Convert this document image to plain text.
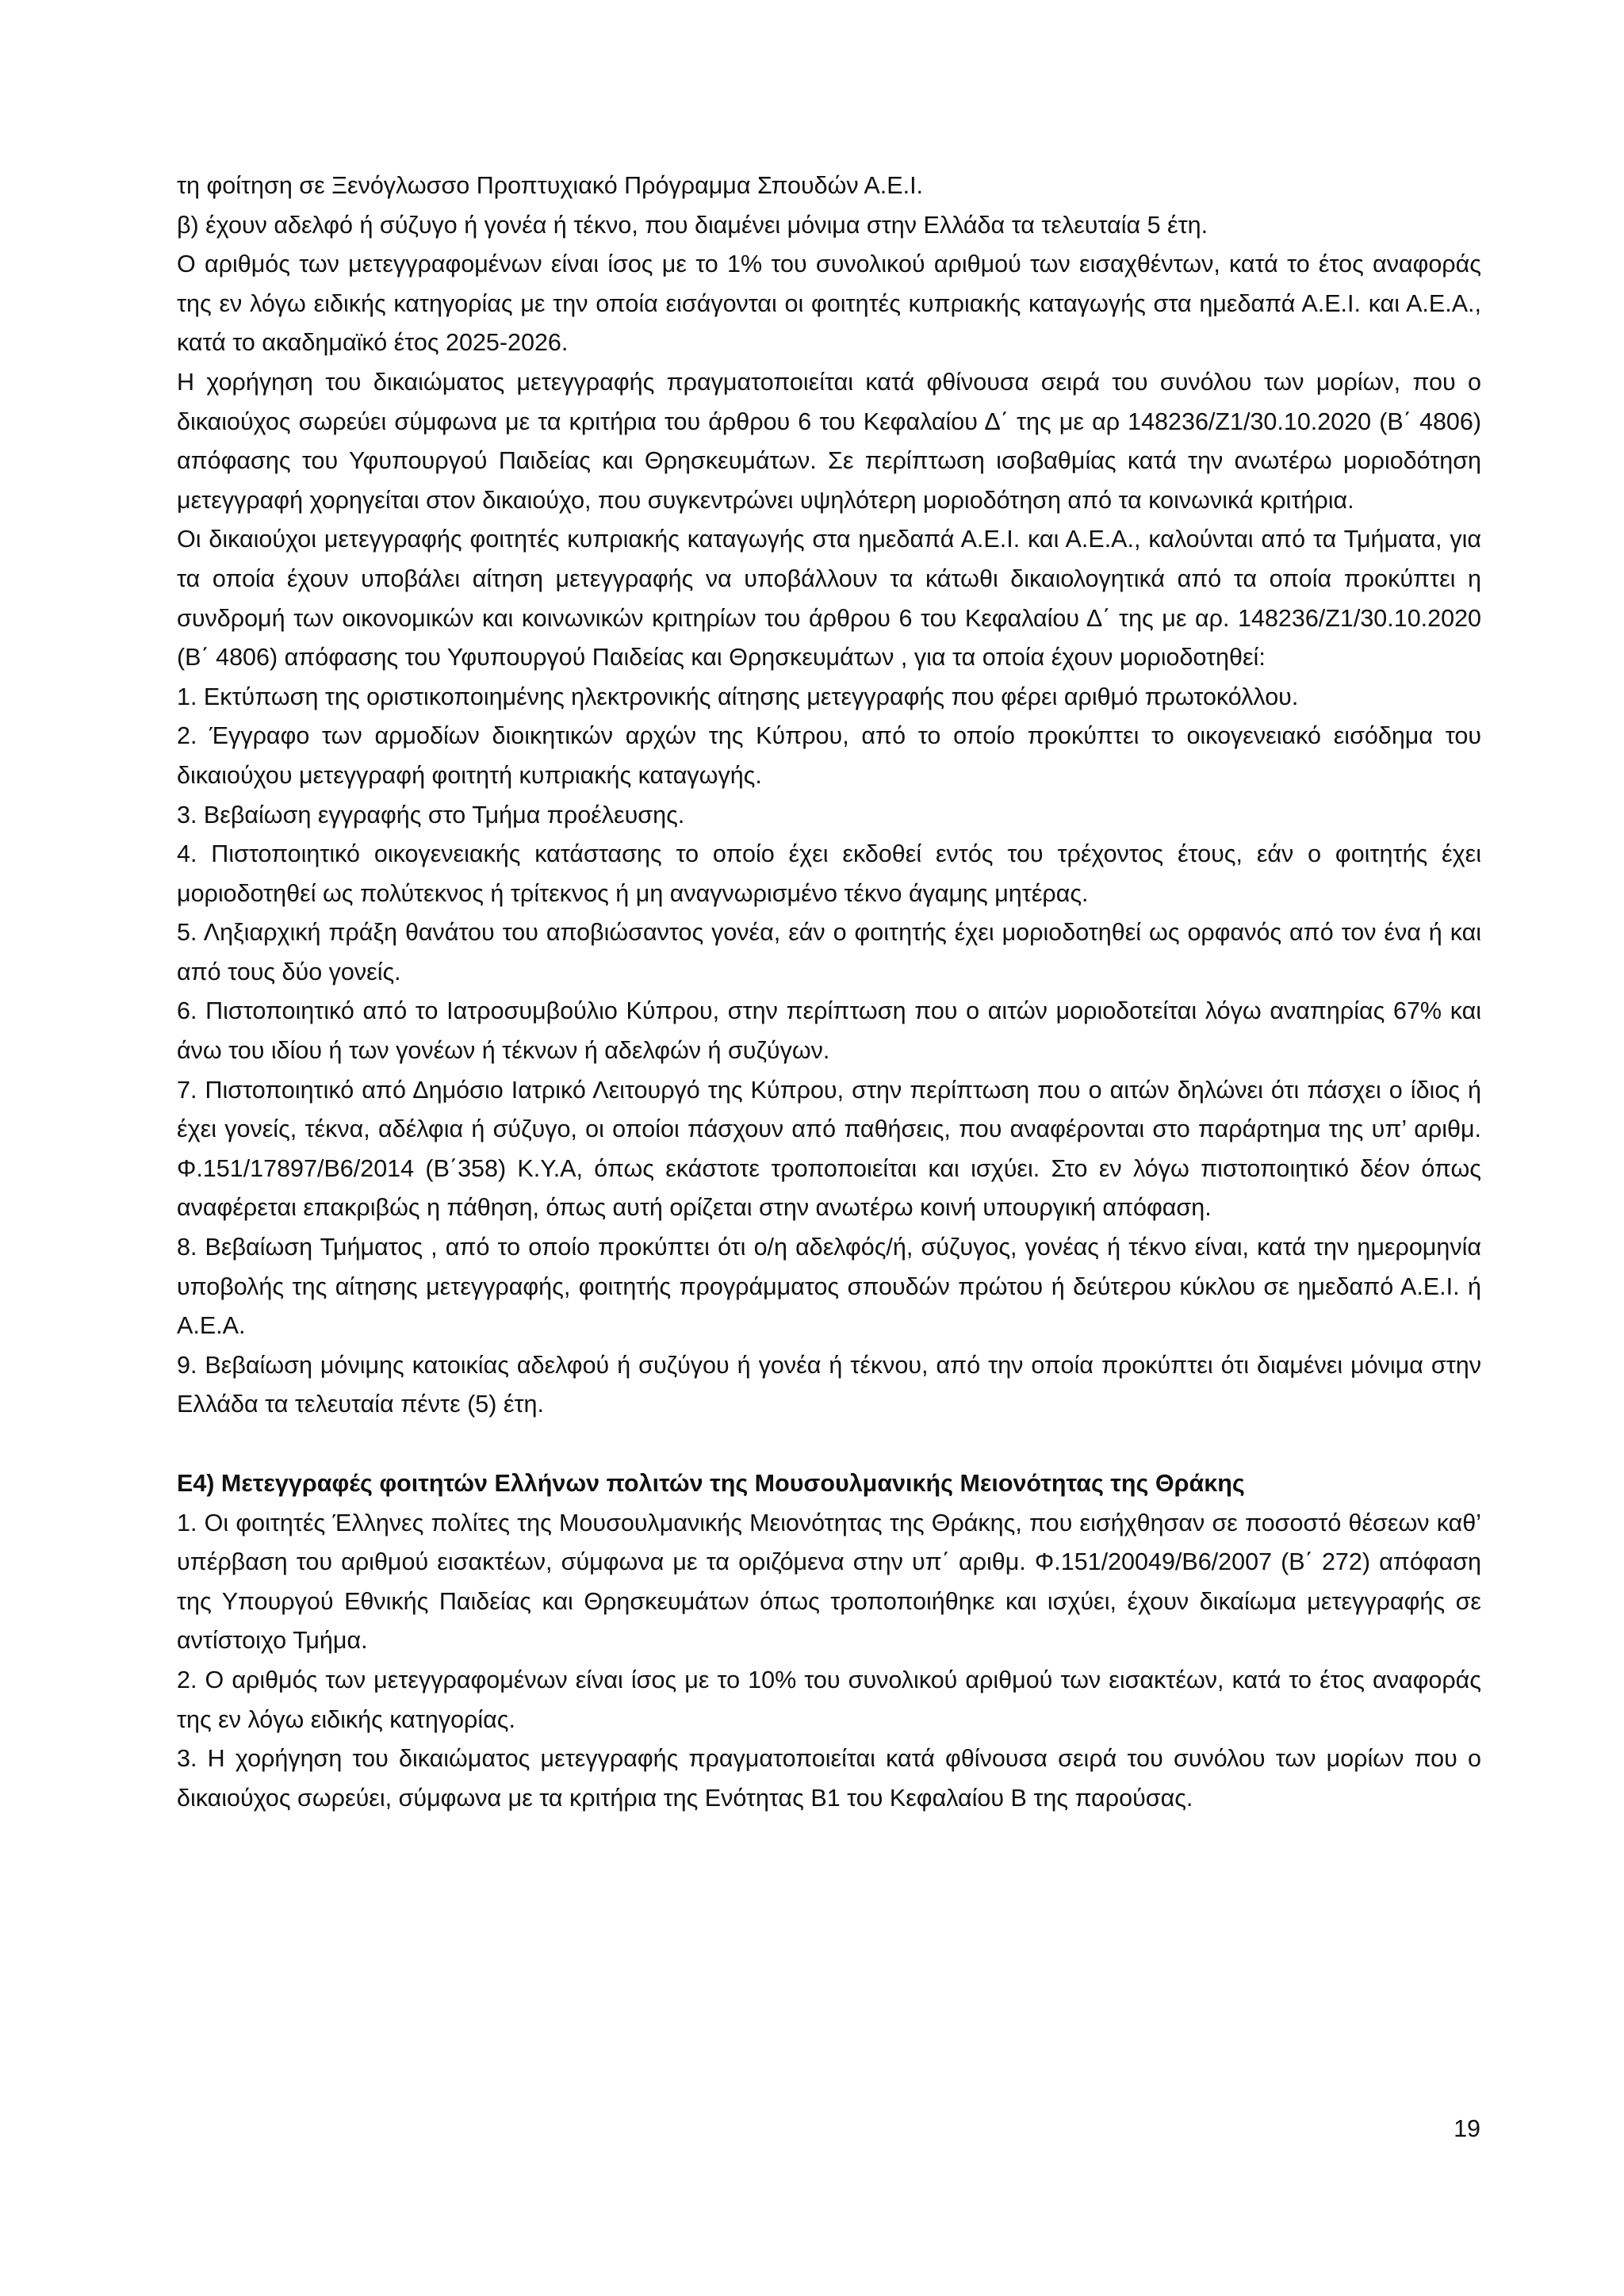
τη φοίτηση σε Ξενόγλωσσο Προπτυχιακό Πρόγραμμα Σπουδών Α.Ε.Ι.

β) έχουν αδελφό ή σύζυγο ή γονέα ή τέκνο, που διαμένει μόνιμα στην Ελλάδα τα τελευταία 5 έτη.

Ο αριθμός των μετεγγραφομένων είναι ίσος με το 1% του συνολικού αριθμού των εισαχθέντων, κατά το έτος αναφοράς της εν λόγω ειδικής κατηγορίας με την οποία εισάγονται οι φοιτητές κυπριακής καταγωγής στα ημεδαπά Α.Ε.Ι. και Α.Ε.Α., κατά το ακαδημαϊκό έτος 2025-2026.

Η χορήγηση του δικαιώματος μετεγγραφής πραγματοποιείται κατά φθίνουσα σειρά του συνόλου των μορίων, που ο δικαιούχος σωρεύει σύμφωνα με τα κριτήρια του άρθρου 6 του Κεφαλαίου Δ΄ της με αρ 148236/Ζ1/30.10.2020 (Β΄ 4806) απόφασης του Υφυπουργού Παιδείας και Θρησκευμάτων. Σε περίπτωση ισοβαθμίας κατά την ανωτέρω μοριοδότηση μετεγγραφή χορηγείται στον δικαιούχο, που συγκεντρώνει υψηλότερη μοριοδότηση από τα κοινωνικά κριτήρια.

Οι δικαιούχοι μετεγγραφής φοιτητές κυπριακής καταγωγής στα ημεδαπά Α.Ε.Ι. και Α.Ε.Α., καλούνται από τα Τμήματα, για τα οποία έχουν υποβάλει αίτηση μετεγγραφής να υποβάλλουν τα κάτωθι δικαιολογητικά από τα οποία προκύπτει η συνδρομή των οικονομικών και κοινωνικών κριτηρίων του άρθρου 6 του Κεφαλαίου Δ΄ της με αρ. 148236/Ζ1/30.10.2020 (Β΄ 4806) απόφασης του Υφυπουργού Παιδείας και Θρησκευμάτων , για τα οποία έχουν μοριοδοτηθεί:

1. Εκτύπωση της οριστικοποιημένης ηλεκτρονικής αίτησης μετεγγραφής που φέρει αριθμό πρωτοκόλλου.

2. Έγγραφο των αρμοδίων διοικητικών αρχών της Κύπρου, από το οποίο προκύπτει το οικογενειακό εισόδημα του δικαιούχου μετεγγραφή φοιτητή κυπριακής καταγωγής.

3. Βεβαίωση εγγραφής στο Τμήμα προέλευσης.

4. Πιστοποιητικό οικογενειακής κατάστασης το οποίο έχει εκδοθεί εντός του τρέχοντος έτους, εάν ο φοιτητής έχει μοριοδοτηθεί ως πολύτεκνος ή τρίτεκνος ή μη αναγνωρισμένο τέκνο άγαμης μητέρας.

5. Ληξιαρχική πράξη θανάτου του αποβιώσαντος γονέα, εάν ο φοιτητής έχει μοριοδοτηθεί ως ορφανός από τον ένα ή και από τους δύο γονείς.

6. Πιστοποιητικό από το Ιατροσυμβούλιο Κύπρου, στην περίπτωση που ο αιτών μοριοδοτείται λόγω αναπηρίας 67% και άνω του ιδίου ή των γονέων ή τέκνων ή αδελφών ή συζύγων.

7. Πιστοποιητικό από Δημόσιο Ιατρικό Λειτουργό της Κύπρου, στην περίπτωση που ο αιτών δηλώνει ότι πάσχει ο ίδιος ή έχει γονείς, τέκνα, αδέλφια ή σύζυγο, οι οποίοι πάσχουν από παθήσεις, που αναφέρονται στο παράρτημα της υπ’ αριθμ. Φ.151/17897/Β6/2014 (Β΄358) Κ.Υ.Α, όπως εκάστοτε τροποποιείται και ισχύει. Στο εν λόγω πιστοποιητικό δέον όπως αναφέρεται επακριβώς η πάθηση, όπως αυτή ορίζεται στην ανωτέρω κοινή υπουργική απόφαση.

8. Βεβαίωση Τμήματος , από το οποίο προκύπτει ότι ο/η αδελφός/ή, σύζυγος, γονέας ή τέκνο είναι, κατά την ημερομηνία υποβολής της αίτησης μετεγγραφής, φοιτητής προγράμματος σπουδών πρώτου ή δεύτερου κύκλου σε ημεδαπό Α.Ε.Ι. ή Α.Ε.Α.

9. Βεβαίωση μόνιμης κατοικίας αδελφού ή συζύγου ή γονέα ή τέκνου, από την οποία προκύπτει ότι διαμένει μόνιμα στην Ελλάδα τα τελευταία πέντε (5) έτη.

Ε4) Μετεγγραφές φοιτητών Ελλήνων πολιτών της Μουσουλμανικής Μειονότητας της Θράκης

1. Οι φοιτητές Έλληνες πολίτες της Μουσουλμανικής Μειονότητας της Θράκης, που εισήχθησαν σε ποσοστό θέσεων καθ’ υπέρβαση του αριθμού εισακτέων, σύμφωνα με τα οριζόμενα στην υπ΄ αριθμ. Φ.151/20049/Β6/2007 (Β΄ 272) απόφαση της Υπουργού Εθνικής Παιδείας και Θρησκευμάτων όπως τροποποιήθηκε και ισχύει, έχουν δικαίωμα μετεγγραφής σε αντίστοιχο Τμήμα.

2. Ο αριθμός των μετεγγραφομένων είναι ίσος με το 10% του συνολικού αριθμού των εισακτέων, κατά το έτος αναφοράς της εν λόγω ειδικής κατηγορίας.

3. Η χορήγηση του δικαιώματος μετεγγραφής πραγματοποιείται κατά φθίνουσα σειρά του συνόλου των μορίων που ο δικαιούχος σωρεύει, σύμφωνα με τα κριτήρια της Ενότητας Β1 του Κεφαλαίου Β της παρούσας.

19
